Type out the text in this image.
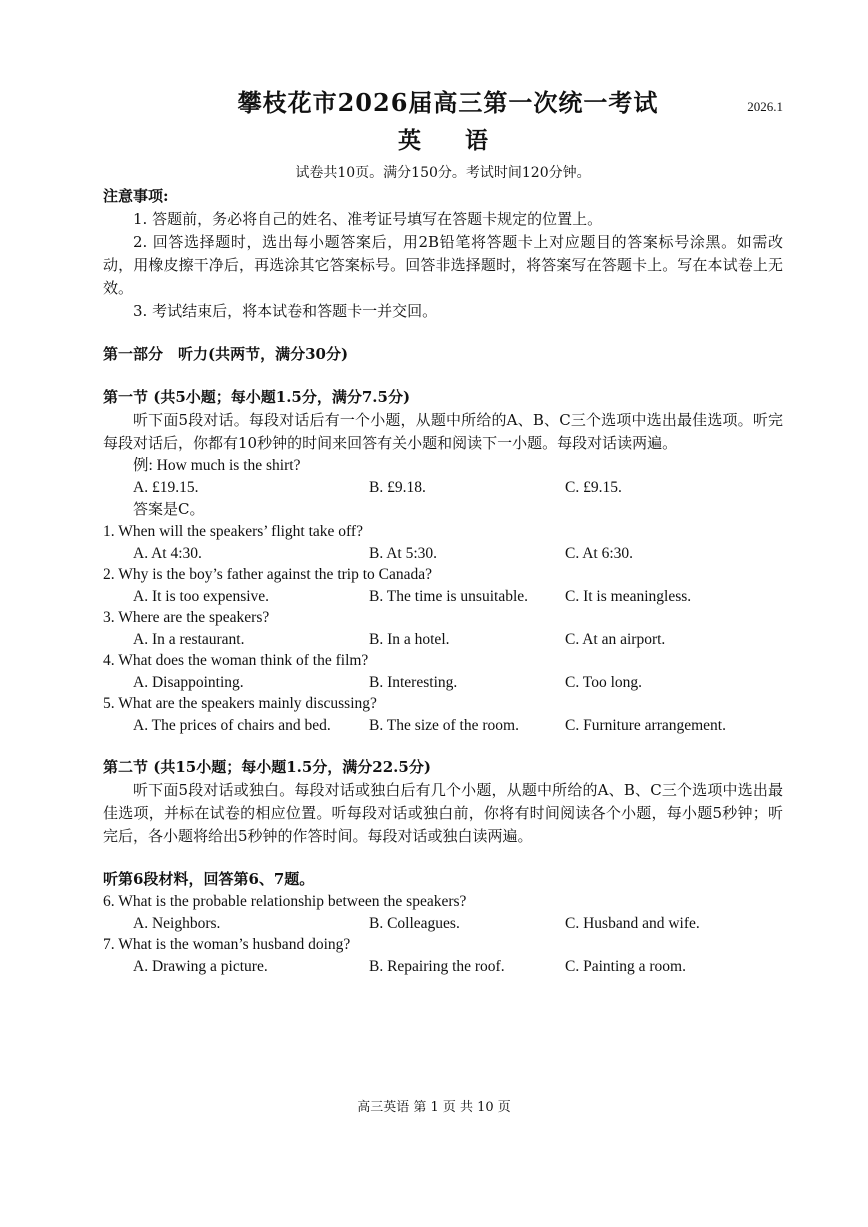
攀枝花市2026届高三第一次统一考试	2026.1
英 语
试卷共10页。满分150分。考试时间120分钟。

注意事项:

1. 答题前，务必将自己的姓名、准考证号填写在答题卡规定的位置上。

2. 回答选择题时，选出每小题答案后，用2B铅笔将答题卡上对应题目的答案标号涂黑。如需改动，用橡皮擦干净后，再选涂其它答案标号。回答非选择题时，将答案写在答题卡上。写在本试卷上无效。

3. 考试结束后，将本试卷和答题卡一并交回。

第一部分　听力(共两节，满分30分)

第一节 (共5小题；每小题1.5分，满分7.5分)

听下面5段对话。每段对话后有一个小题，从题中所给的A、B、C三个选项中选出最佳选项。听完每段对话后，你都有10秒钟的时间来回答有关小题和阅读下一小题。每段对话读两遍。

例: How much is the shirt?

A. £19.15.	B. £9.18.	C. £9.15.

答案是C。

1. When will the speakers’ flight take off?

A. At 4:30.	B. At 5:30.	C. At 6:30.

2. Why is the boy’s father against the trip to Canada?

A. It is too expensive.	B. The time is unsuitable.	C. It is meaningless.

3. Where are the speakers?

A. In a restaurant.	B. In a hotel.	C. At an airport.

4. What does the woman think of the film?

A. Disappointing.	B. Interesting.	C. Too long.

5. What are the speakers mainly discussing?

A. The prices of chairs and bed.	B. The size of the room.	C. Furniture arrangement.

第二节 (共15小题；每小题1.5分，满分22.5分)

听下面5段对话或独白。每段对话或独白后有几个小题，从题中所给的A、B、C三个选项中选出最佳选项，并标在试卷的相应位置。听每段对话或独白前，你将有时间阅读各个小题，每小题5秒钟；听完后，各小题将给出5秒钟的作答时间。每段对话或独白读两遍。

听第6段材料，回答第6、7题。

6. What is the probable relationship between the speakers?

A. Neighbors.	B. Colleagues.	C. Husband and wife.

7. What is the woman’s husband doing?

A. Drawing a picture.	B. Repairing the roof.	C. Painting a room.
高三英语 第 1 页 共 10 页
